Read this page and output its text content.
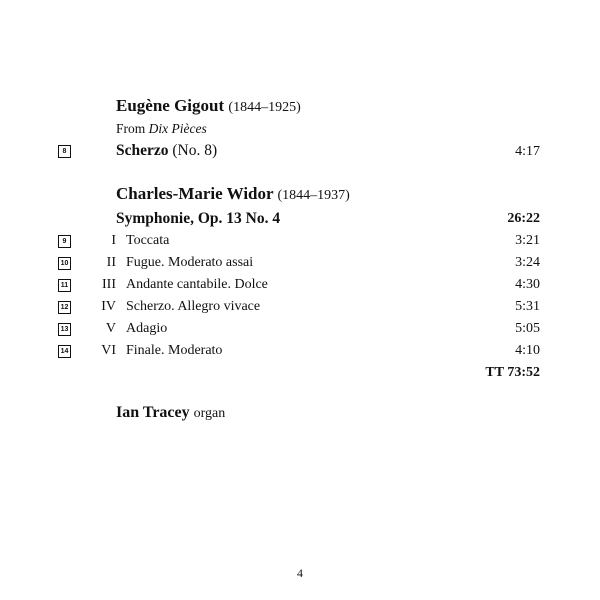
Eugène Gigout (1844–1925)
From Dix Pièces
8	Scherzo (No. 8)	4:17
Charles-Marie Widor (1844–1937)
Symphonie, Op. 13 No. 4	26:22
9	I Toccata	3:21
10	II Fugue. Moderato assai	3:24
11	III Andante cantabile. Dolce	4:30
12	IV Scherzo. Allegro vivace	5:31
13	V Adagio	5:05
14	VI Finale. Moderato	4:10
TT 73:52
Ian Tracey organ
4
